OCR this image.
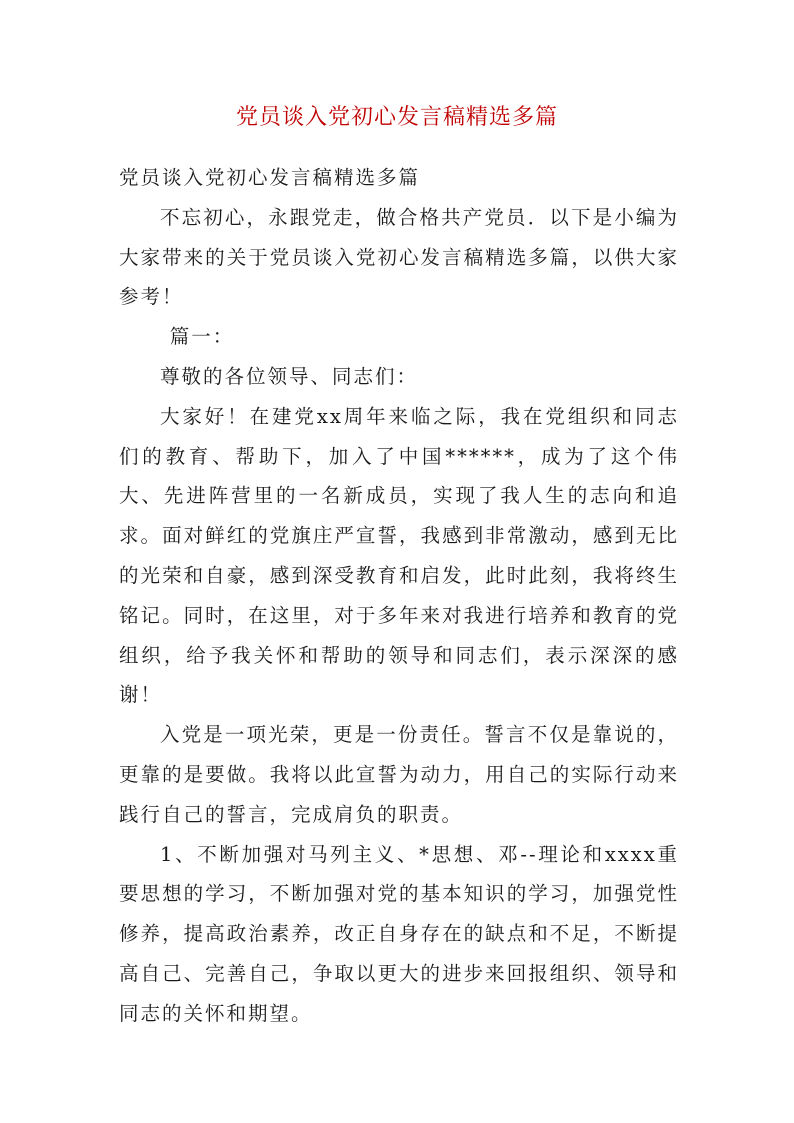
党员谈入党初心发言稿精选多篇

党员谈入党初心发言稿精选多篇

不忘初心，永跟党走，做合格共产党员．以下是小编为大家带来的关于党员谈入党初心发言稿精选多篇，以供大家参考！

篇一：

尊敬的各位领导、同志们：

大家好！在建党xx周年来临之际，我在党组织和同志们的教育、帮助下，加入了中国******，成为了这个伟大、先进阵营里的一名新成员，实现了我人生的志向和追求。面对鲜红的党旗庄严宣誓，我感到非常激动，感到无比的光荣和自豪，感到深受教育和启发，此时此刻，我将终生铭记。同时，在这里，对于多年来对我进行培养和教育的党组织，给予我关怀和帮助的领导和同志们，表示深深的感谢！

入党是一项光荣，更是一份责任。誓言不仅是靠说的，更靠的是要做。我将以此宣誓为动力，用自己的实际行动来践行自己的誓言，完成肩负的职责。

1、不断加强对马列主义、*思想、邓--理论和xxxx重要思想的学习，不断加强对党的基本知识的学习，加强党性修养，提高政治素养，改正自身存在的缺点和不足，不断提高自己、完善自己，争取以更大的进步来回报组织、领导和同志的关怀和期望。
